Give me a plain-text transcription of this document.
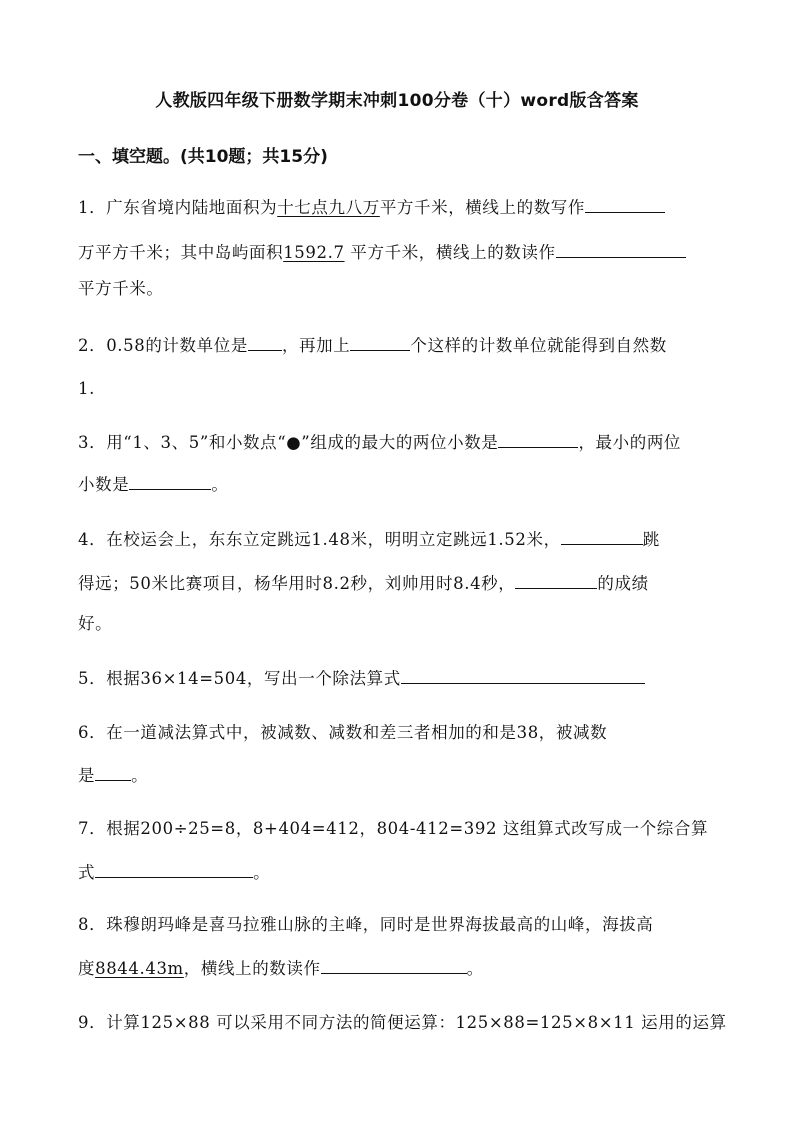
人教版四年级下册数学期末冲刺100分卷（十）word版含答案
一、填空题。(共10题；共15分)
1．广东省境内陆地面积为十七点九八万平方千米，横线上的数写作
万平方千米；其中岛屿面积1592.7 平方千米，横线上的数读作
平方千米。
2．0.58的计数单位是 ，再加上	个这样的计数单位就能得到自然数
1.
3．用“1、3、5”和小数点“●”组成的最大的两位小数是	，最小的两位
小数是	。
4．在校运会上，东东立定跳远1.48米，明明立定跳远1.52米，	跳
得远；50米比赛项目，杨华用时8.2秒，刘帅用时8.4秒，	的成绩
好。
5．根据36×14=504，写出一个除法算式
6．在一道减法算式中，被减数、减数和差三者相加的和是38，被减数
是 。
7．根据200÷25=8，8+404=412，804-412=392 这组算式改写成一个综合算
式	。
8．珠穆朗玛峰是喜马拉雅山脉的主峰，同时是世界海拔最高的山峰，海拔高
度8844.43m，横线上的数读作	。
9．计算125×88 可以采用不同方法的简便运算：125×88=125×8×11 运用的运算
